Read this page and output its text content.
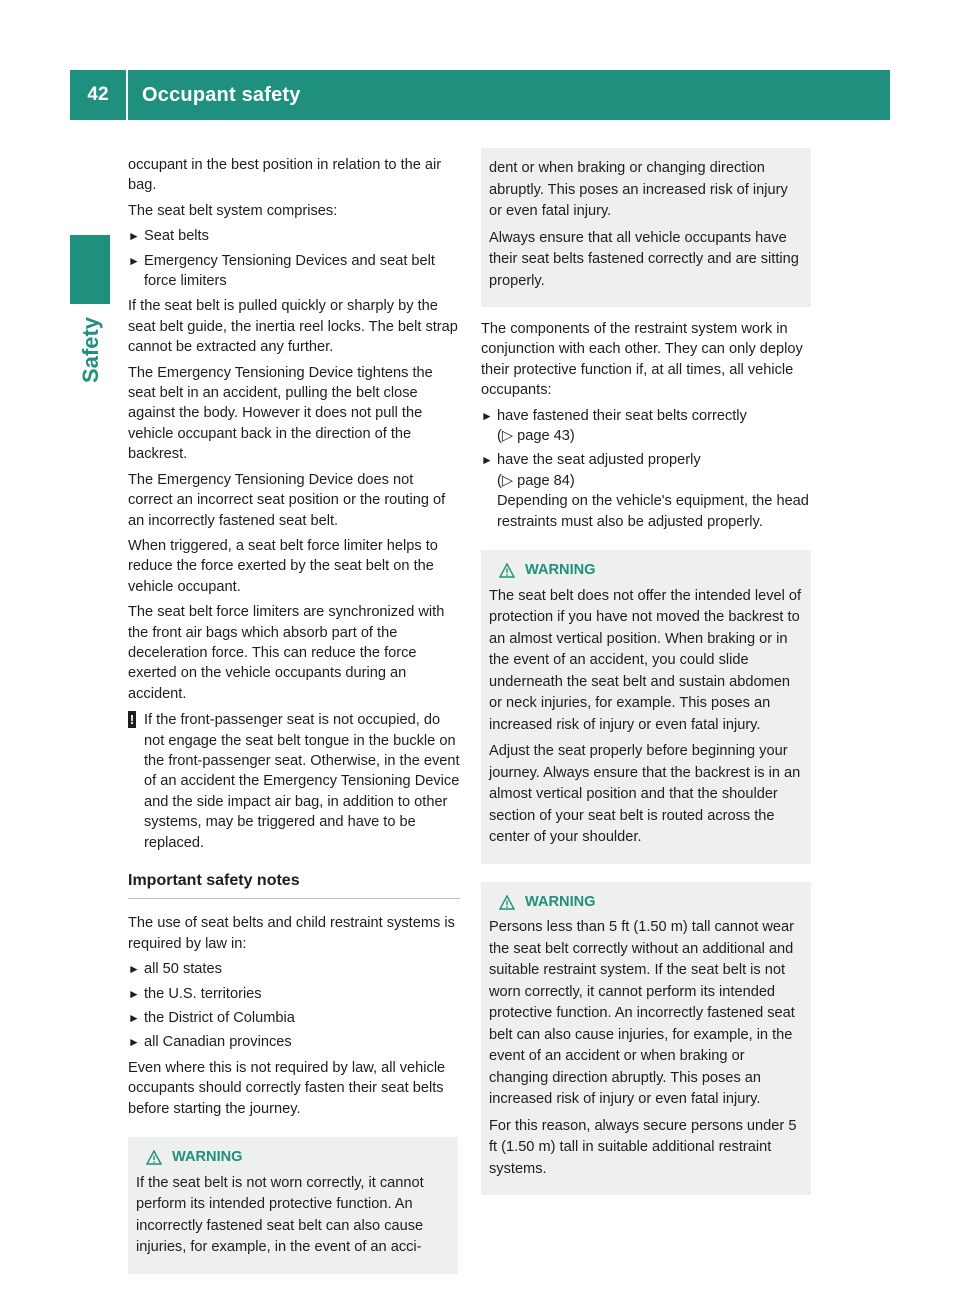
42	Occupant safety
Safety

occupant in the best position in relation to the air bag.

The seat belt system comprises:

► Seat belts
► Emergency Tensioning Devices and seat belt force limiters

If the seat belt is pulled quickly or sharply by the seat belt guide, the inertia reel locks. The belt strap cannot be extracted any further.

The Emergency Tensioning Device tightens the seat belt in an accident, pulling the belt close against the body. However it does not pull the vehicle occupant back in the direction of the backrest.

The Emergency Tensioning Device does not correct an incorrect seat position or the routing of an incorrectly fastened seat belt.

When triggered, a seat belt force limiter helps to reduce the force exerted by the seat belt on the vehicle occupant.

The seat belt force limiters are synchronized with the front air bags which absorb part of the deceleration force. This can reduce the force exerted on the vehicle occupants during an accident.

! If the front-passenger seat is not occupied, do not engage the seat belt tongue in the buckle on the front-passenger seat. Otherwise, in the event of an accident the Emergency Tensioning Device and the side impact air bag, in addition to other systems, may be triggered and have to be replaced.
Important safety notes

The use of seat belts and child restraint systems is required by law in:

► all 50 states
► the U.S. territories
► the District of Columbia
► all Canadian provinces

Even where this is not required by law, all vehicle occupants should correctly fasten their seat belts before starting the journey.

WARNING

If the seat belt is not worn correctly, it cannot perform its intended protective function. An incorrectly fastened seat belt can also cause injuries, for example, in the event of an acci-

dent or when braking or changing direction abruptly. This poses an increased risk of injury or even fatal injury.

Always ensure that all vehicle occupants have their seat belts fastened correctly and are sitting properly.

The components of the restraint system work in conjunction with each other. They can only deploy their protective function if, at all times, all vehicle occupants:

► have fastened their seat belts correctly
(▷ page 43)
► have the seat adjusted properly
(▷ page 84)
Depending on the vehicle's equipment, the head restraints must also be adjusted properly.
WARNING

The seat belt does not offer the intended level of protection if you have not moved the backrest to an almost vertical position. When braking or in the event of an accident, you could slide underneath the seat belt and sustain abdomen or neck injuries, for example. This poses an increased risk of injury or even fatal injury.

Adjust the seat properly before beginning your journey. Always ensure that the backrest is in an almost vertical position and that the shoulder section of your seat belt is routed across the center of your shoulder.

WARNING

Persons less than 5 ft (1.50 m) tall cannot wear the seat belt correctly without an additional and suitable restraint system. If the seat belt is not worn correctly, it cannot perform its intended protective function. An incorrectly fastened seat belt can also cause injuries, for example, in the event of an accident or when braking or changing direction abruptly. This poses an increased risk of injury or even fatal injury.

For this reason, always secure persons under 5 ft (1.50 m) tall in suitable additional restraint systems.
